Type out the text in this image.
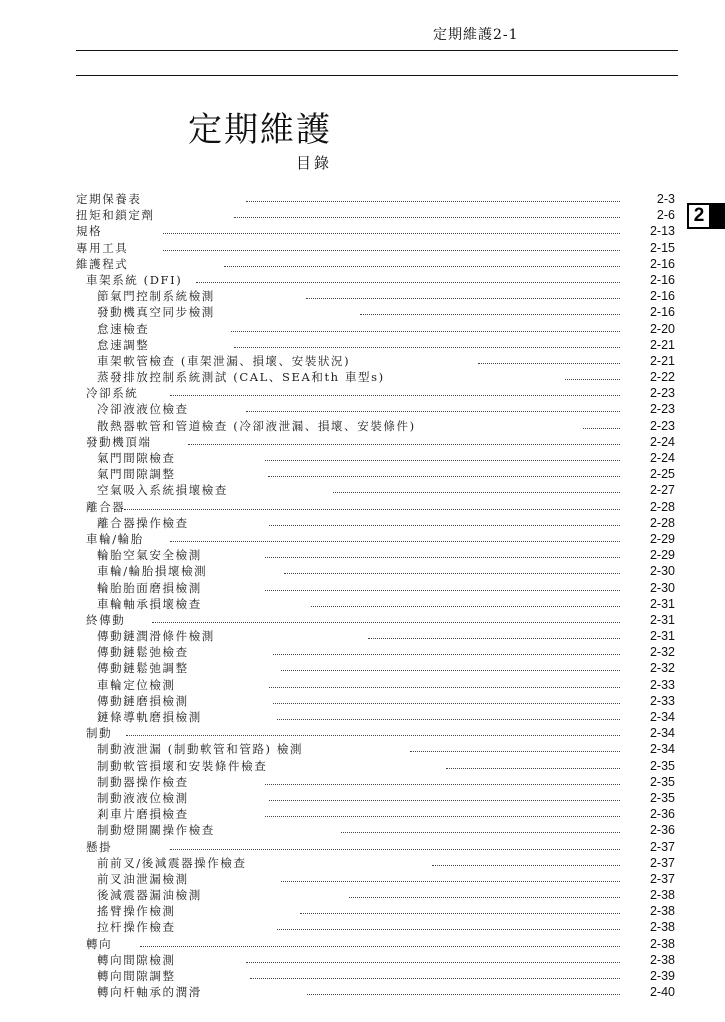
定期維護2-1
定期維護
目錄
2
定期保養表	2-3
扭矩和鎖定劑	2-6
規格	2-13
專用工具	2-15
維護程式	2-16
車架系統 (DFI)	2-16
節氣門控制系統檢測	2-16
發動機真空同步檢測	2-16
怠速檢查	2-20
怠速調整	2-21
車架軟管檢查 (車架泄漏、損壞、安裝狀況)	2-21
蒸發排放控制系統測試 (CAL、SEA和th 車型s)	2-22
冷卻系統	2-23
冷卻液液位檢查	2-23
散熱器軟管和管道檢查 (冷卻液泄漏、損壞、安裝條件)	2-23
發動機頂端	2-24
氣門間隙檢查	2-24
氣門間隙調整	2-25
空氣吸入系統損壞檢查	2-27
離合器	2-28
離合器操作檢查	2-28
車輪/輪胎	2-29
輪胎空氣安全檢測	2-29
車輪/輪胎損壞檢測	2-30
輪胎胎面磨損檢測	2-30
車輪軸承損壞檢查	2-31
終傳動	2-31
傳動鏈潤滑條件檢測	2-31
傳動鏈鬆弛檢查	2-32
傳動鏈鬆弛調整	2-32
車輪定位檢測	2-33
傳動鏈磨損檢測	2-33
鏈條導軌磨損檢測	2-34
制動	2-34
制動液泄漏 (制動軟管和管路) 檢測	2-34
制動軟管損壞和安裝條件檢查	2-35
制動器操作檢查	2-35
制動液液位檢測	2-35
剎車片磨損檢查	2-36
制動燈開關操作檢查	2-36
懸掛	2-37
前前叉/後減震器操作檢查	2-37
前叉油泄漏檢測	2-37
後減震器漏油檢測	2-38
搖臂操作檢測	2-38
拉杆操作檢查	2-38
轉向	2-38
轉向間隙檢測	2-38
轉向間隙調整	2-39
轉向杆軸承的潤滑	2-40
